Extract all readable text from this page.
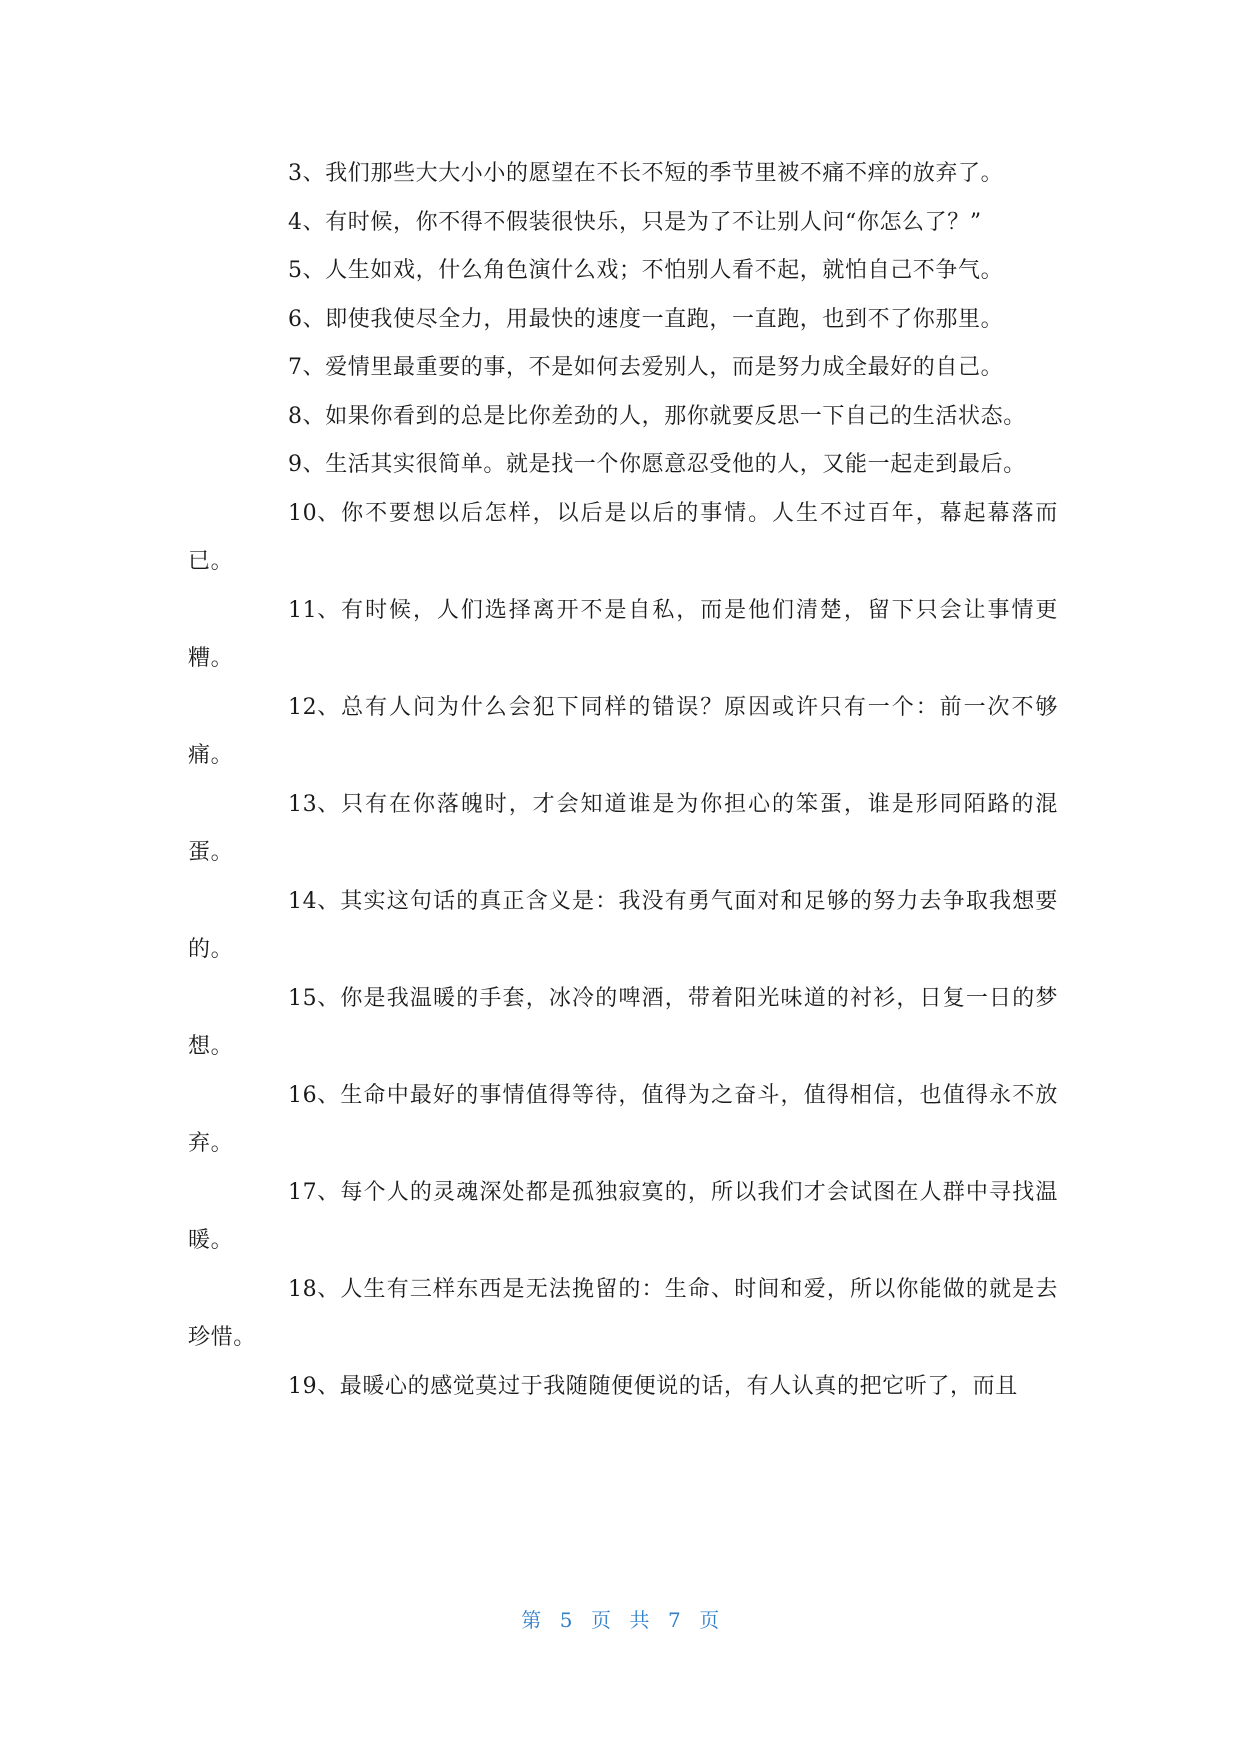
3、我们那些大大小小的愿望在不长不短的季节里被不痛不痒的放弃了。

4、有时候，你不得不假装很快乐，只是为了不让别人问“你怎么了？”

5、人生如戏，什么角色演什么戏；不怕别人看不起，就怕自己不争气。

6、即使我使尽全力，用最快的速度一直跑，一直跑，也到不了你那里。

7、爱情里最重要的事，不是如何去爱别人，而是努力成全最好的自己。

8、如果你看到的总是比你差劲的人，那你就要反思一下自己的生活状态。

9、生活其实很简单。就是找一个你愿意忍受他的人，又能一起走到最后。

10、你不要想以后怎样，以后是以后的事情。人生不过百年，幕起幕落而已。

11、有时候，人们选择离开不是自私，而是他们清楚，留下只会让事情更糟。

12、总有人问为什么会犯下同样的错误？原因或许只有一个：前一次不够痛。

13、只有在你落魄时，才会知道谁是为你担心的笨蛋，谁是形同陌路的混蛋。

14、其实这句话的真正含义是：我没有勇气面对和足够的努力去争取我想要的。

15、你是我温暖的手套，冰冷的啤酒，带着阳光味道的衬衫，日复一日的梦想。

16、生命中最好的事情值得等待，值得为之奋斗，值得相信，也值得永不放弃。

17、每个人的灵魂深处都是孤独寂寞的，所以我们才会试图在人群中寻找温暖。

18、人生有三样东西是无法挽留的：生命、时间和爱，所以你能做的就是去珍惜。

19、最暖心的感觉莫过于我随随便便说的话，有人认真的把它听了，而且

第 5 页 共 7 页
